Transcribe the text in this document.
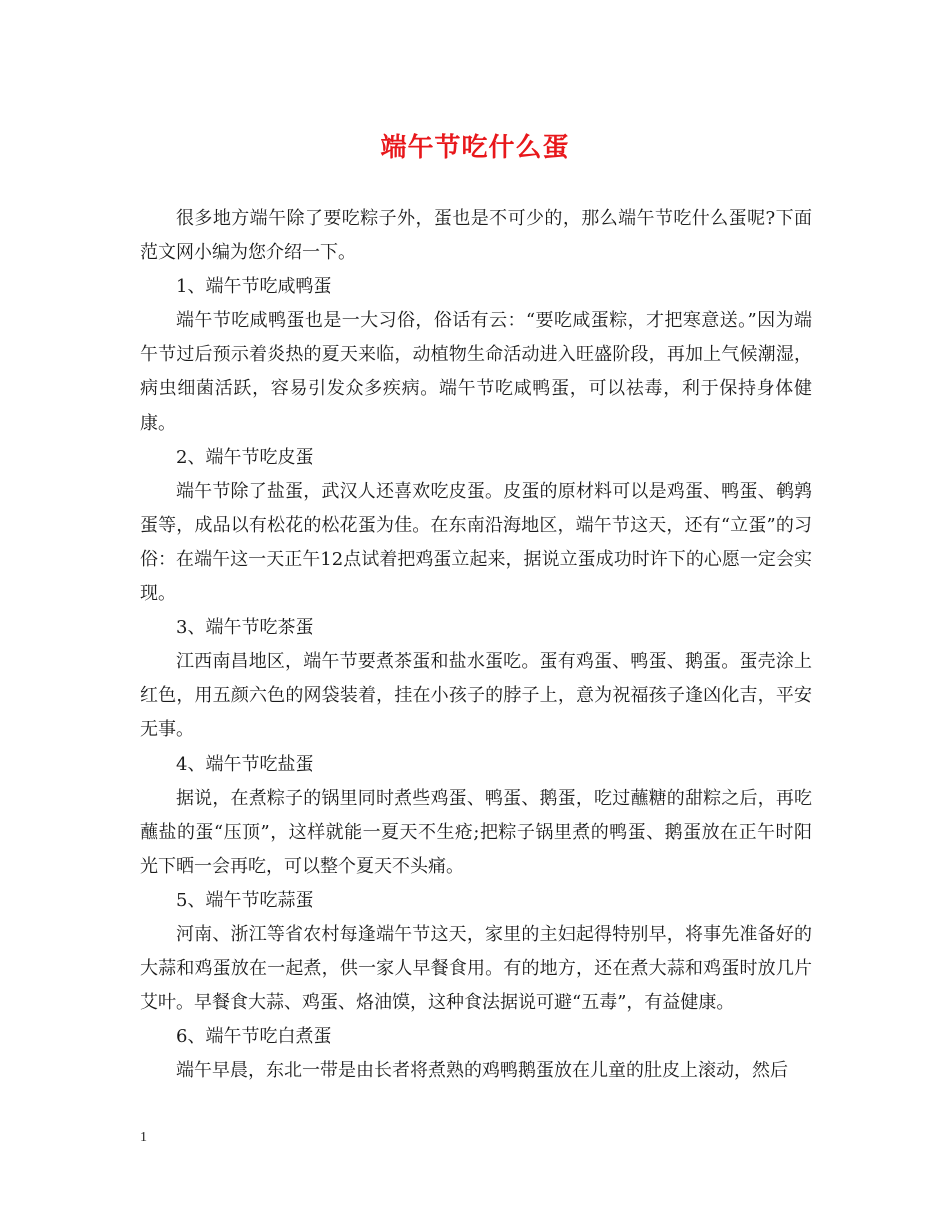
端午节吃什么蛋

很多地方端午除了要吃粽子外，蛋也是不可少的，那么端午节吃什么蛋呢?下面范文网小编为您介绍一下。

1、端午节吃咸鸭蛋

端午节吃咸鸭蛋也是一大习俗，俗话有云：“要吃咸蛋粽，才把寒意送。”因为端午节过后预示着炎热的夏天来临，动植物生命活动进入旺盛阶段，再加上气候潮湿，病虫细菌活跃，容易引发众多疾病。端午节吃咸鸭蛋，可以祛毒，利于保持身体健康。

2、端午节吃皮蛋

端午节除了盐蛋，武汉人还喜欢吃皮蛋。皮蛋的原材料可以是鸡蛋、鸭蛋、鹌鹑蛋等，成品以有松花的松花蛋为佳。在东南沿海地区，端午节这天，还有“立蛋”的习俗：在端午这一天正午12点试着把鸡蛋立起来，据说立蛋成功时许下的心愿一定会实现。

3、端午节吃茶蛋

江西南昌地区，端午节要煮茶蛋和盐水蛋吃。蛋有鸡蛋、鸭蛋、鹅蛋。蛋壳涂上红色，用五颜六色的网袋装着，挂在小孩子的脖子上，意为祝福孩子逢凶化吉，平安无事。

4、端午节吃盐蛋

据说，在煮粽子的锅里同时煮些鸡蛋、鸭蛋、鹅蛋，吃过蘸糖的甜粽之后，再吃蘸盐的蛋“压顶”，这样就能一夏天不生疮;把粽子锅里煮的鸭蛋、鹅蛋放在正午时阳光下晒一会再吃，可以整个夏天不头痛。

5、端午节吃蒜蛋

河南、浙江等省农村每逢端午节这天，家里的主妇起得特别早，将事先准备好的大蒜和鸡蛋放在一起煮，供一家人早餐食用。有的地方，还在煮大蒜和鸡蛋时放几片艾叶。早餐食大蒜、鸡蛋、烙油馍，这种食法据说可避“五毒”，有益健康。

6、端午节吃白煮蛋

端午早晨，东北一带是由长者将煮熟的鸡鸭鹅蛋放在儿童的肚皮上滚动，然后

1
